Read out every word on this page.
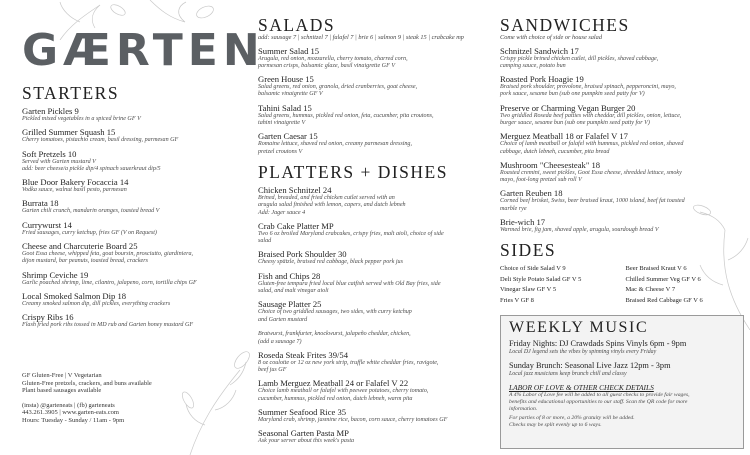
GÆRTEN
STARTERS
Garten Pickles 9
Pickled mixed vegetables in a spiced brine GF V
Grilled Summer Squash 15
Cherry tomatoes, pistachio cream, basil dressing, parmesan GF
Soft Pretzels 10
Served with Garten mustard V
add: beer cheese/a pickle dip/4 spinach sauerkraut dip/5
Blue Door Bakery Focaccia 14
Vodka sauce, walnut basil pesto, parmesan
Burrata 18
Garten chili crunch, mandarin oranges, toasted bread V
Currywurst 14
Fried sausages, curry ketchup, fries GF (V on Request)
Cheese and Charcuterie Board 25
Goot Essa cheese, whipped feta, goat boursin, prosciutto, giardiniera,
dijon mustard, bar peanuts, toasted bread, crackers
Shrimp Ceviche 19
Garlic poached shrimp, lime, cilantro, jalapeno, corn, tortilla chips GF
Local Smoked Salmon Dip 18
Creamy smoked salmon dip, dill pickles, everything crackers
Crispy Ribs 16
Flash fried pork ribs tossed in MD rub and Garten honey mustard GF
GF Gluten-Free | V Vegetarian
Gluten-Free pretzels, crackers, and buns available
Plant based sausages available
(insta) @garteneats | (fb) garteneats
443.261.3905 | www.garten-eats.com
Hours: Tuesday - Sunday / 11am - 9pm
SALADS
add: sausage 7 | schnitzel 7 | falafel 7 | brie 6 | salmon 9 | steak 15 | crabcake mp
Summer Salad 15
Arugula, red onion, mozzarella, cherry tomato, charred corn,
parmesan crisps, balsamic glaze, basil vinaigrette GF V
Green House 15
Salad greens, red onion, granola, dried cranberries, goat cheese,
balsamic vinaigrette GF V
Tahini Salad 15
Salad greens, hummus, pickled red onion, feta, cucumber, pita croutons,
tahini vinaigrette V
Garten Caesar 15
Romaine lettuce, shaved red onion, creamy parmesan dressing,
pretzel croutons V
PLATTERS + DISHES
Chicken Schnitzel 24
Brined, breaded, and fried chicken cutlet served with an
arugula salad finished with lemon, capers, and dutch lebneh
Add: Jager sauce 4
Crab Cake Platter MP
Two 6 oz broiled Maryland crabcakes, crispy fries, malt aioli, choice of side
salad
Braised Pork Shoulder 30
Cheesy spätzle, braised red cabbage, black pepper pork jus
Fish and Chips 28
Gluten-free tempura fried local blue catfish served with Old Bay fries, side
salad, and malt vinegar aioli
Sausage Platter 25
Choice of two griddled sausages, two sides, with curry ketchup
and Garten mustard

Bratwurst, frankfurter, knockwurst, jalapeño cheddar, chicken,
(add a sausage 7)
Roseda Steak Frites 39/54
8 oz coulotte or 12 oz new york strip, truffle white cheddar fries, ravigote,
beef jus GF
Lamb Merguez Meatball 24 or Falafel V 22
Choice lamb meatball or falafel with peewee potatoes, cherry tomato,
cucumber, hummus, pickled red onion, dutch lebneh, warm pita
Summer Seafood Rice 35
Maryland crab, shrimp, jasmine rice, bacon, corn sauce, cherry tomatoes GF
Seasonal Garten Pasta MP
Ask your server about this week's pasta
SANDWICHES
Come with choice of side or house salad
Schnitzel Sandwich 17
Crispy pickle brined chicken cutlet, dill pickles, shaved cabbage,
camping sauce, potato bun
Roasted Pork Hoagie 19
Braised pork shoulder, provolone, braised spinach, pepperoncini, mayo,
pork sauce, sesame bun (sub one pumpkin seed patty for V)
Preserve or Charming Vegan Burger 20
Two griddled Roseda beef patties with cheddar, dill pickles, onion, lettuce,
burger sauce, sesame bun (sub one pumpkin seed patty for V)
Merguez Meatball 18 or Falafel V 17
Choice of lamb meatball or falafel with hummus, pickled red onion, shaved
cabbage, dutch lebneh, cucumber, pita bread
Mushroom "Cheesesteak" 18
Roasted cremini, sweet pickles, Goot Essa cheese, shredded lettuce, smoky
mayo, foot-long pretzel sub roll V
Garten Reuben 18
Corned beef brisket, Swiss, beer braised kraut, 1000 island, beef fat toasted
marble rye
Brie-wich 17
Warmed brie, fig jam, shaved apple, arugula, sourdough bread V
SIDES
Choice of Side Salad V 9	Beer Braised Kraut V 6
Deli Style Potato Salad GF V 5	Chilled Summer Veg GF V 6
Vinegar Slaw GF V 5	Mac & Cheese V 7
Fries V GF 8	Braised Red Cabbage GF V 6
WEEKLY MUSIC
Friday Nights: DJ Crawdads Spins Vinyls 6pm - 9pm
Local DJ legend sets the vibes by spinning vinyls every Friday
Sunday Brunch: Seasonal Live Jazz 12pm - 3pm
Local jazz musicians keep brunch chill and classy
LABOR OF LOVE & OTHER CHECK DETAILS
A 4% Labor of Love fee will be added to all guest checks to provide fair wages,
benefits and educational opportunities to our staff. Scan the QR code for more
information.
For parties of 8 or more, a 20% gratuity will be added.
Checks may be split evenly up to 6 ways.
